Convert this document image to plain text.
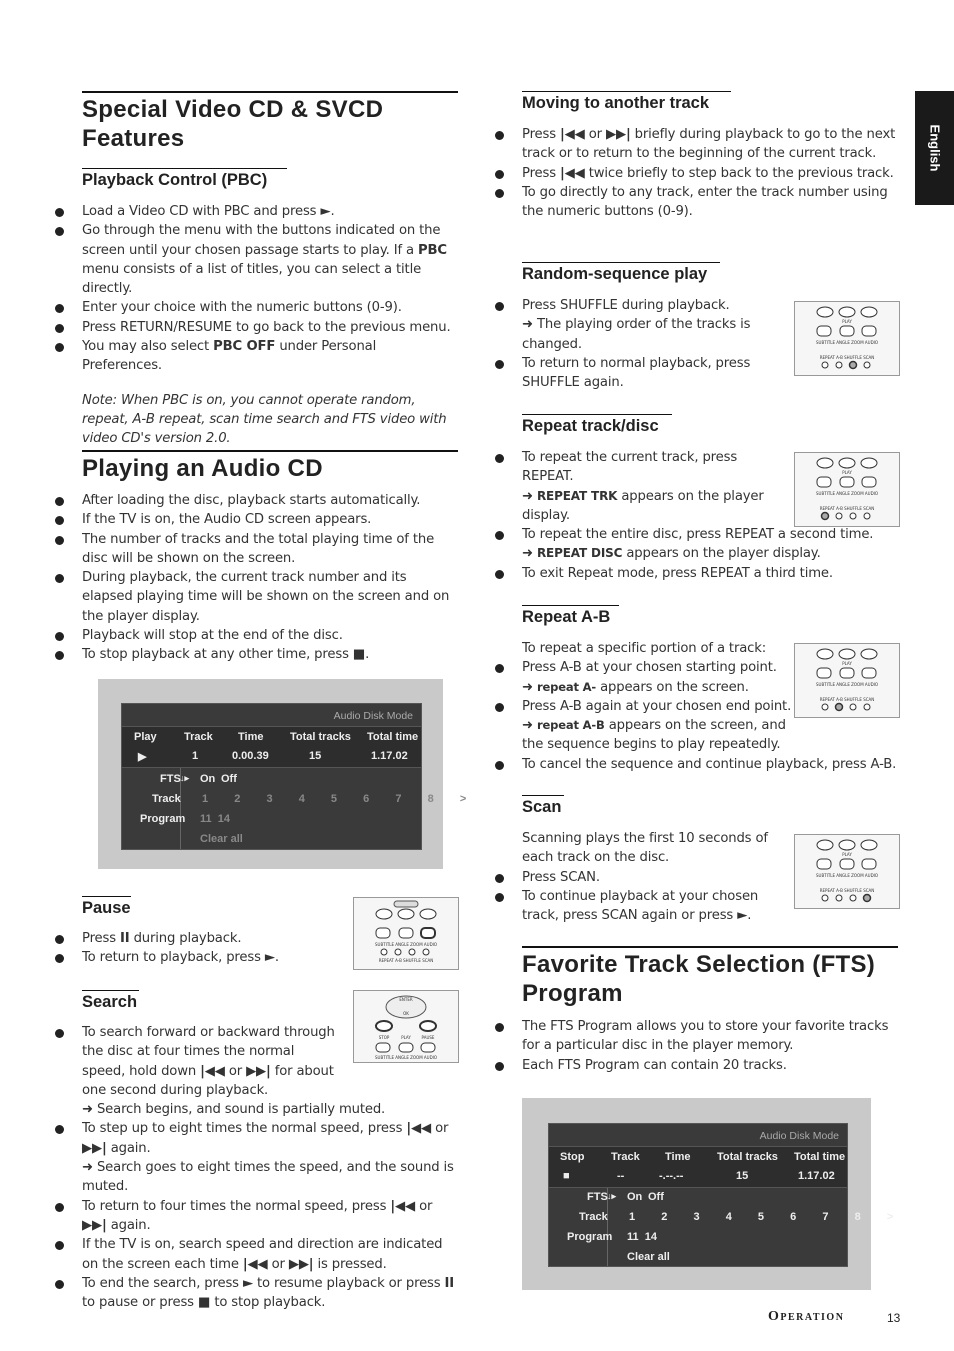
English
Special Video CD & SVCD
Features
Playback Control (PBC)
Load a Video CD with PBC and press ►.
Go through the menu with the buttons indicated on the screen until your chosen passage starts to play. If a PBC menu consists of a list of titles, you can select a title directly.
Enter your choice with the numeric buttons (0-9).
Press RETURN/RESUME to go back to the previous menu.
You may also select PBC OFF under Personal Preferences.
Note: When PBC is on, you cannot operate random, repeat, A-B repeat, scan time search and FTS video with video CD's version 2.0.
Playing an Audio CD
After loading the disc, playback starts automatically.
If the TV is on, the Audio CD screen appears.
The number of tracks and the total playing time of the disc will be shown on the screen.
During playback, the current track number and its elapsed playing time will be shown on the screen and on the player display.
Playback will stop at the end of the disc.
To stop playback at any other time, press ■.
Audio Disk Mode
Play Track Time Total tracks Total time
▶	1	0.00.39	15	1.17.02
FTS ↓▸ On Off
Track 1  2  3  4  5  6  7  8  >
Program 11  14
Clear all
Pause
Press II during playback.
To return to playback, press ►.
Search
To search forward or backward through the disc at four times the normal speed, hold down |◀◀ or ▶▶| for about one second during playback.
➜ Search begins, and sound is partially muted.
To step up to eight times the normal speed, press |◀◀ or ▶▶| again.
➜ Search goes to eight times the speed, and the sound is muted.
To return to four times the normal speed, press |◀◀ or ▶▶| again.
If the TV is on, search speed and direction are indicated on the screen each time |◀◀ or ▶▶| is pressed.
To end the search, press ► to resume playback or press II to pause or press ■ to stop playback.
SUBTITLE ANGLE ZOOM AUDIO
REPEAT A-B SHUFFLE SCAN
ENTER
OK
STOP	PLAY	PAUSE
SUBTITLE ANGLE ZOOM AUDIO
Moving to another track
Press |◀◀ or ▶▶| briefly during playback to go to the next track or to return to the beginning of the current track.
Press |◀◀ twice briefly to step back to the previous track.
To go directly to any track, enter the track number using the numeric buttons (0-9).
Random-sequence play
Press SHUFFLE during playback.
➜ The playing order of the tracks is changed.
To return to normal playback, press SHUFFLE again.
Repeat track/disc
To repeat the current track, press REPEAT.
➜ REPEAT TRK appears on the player display.
To repeat the entire disc, press REPEAT a second time.
➜ REPEAT DISC appears on the player display.
To exit Repeat mode, press REPEAT a third time.
Repeat A-B
To repeat a specific portion of a track:
Press A-B at your chosen starting point.
➜ repeat A- appears on the screen.
Press A-B again at your chosen end point.
➜ repeat A-B appears on the screen, and the sequence begins to play repeatedly.
To cancel the sequence and continue playback, press A-B.
Scan
Scanning plays the first 10 seconds of each track on the disc.
Press SCAN.
To continue playback at your chosen track, press SCAN again or press ►.
PLAY
SUBTITLE ANGLE ZOOM AUDIO
REPEAT A-B SHUFFLE SCAN
PLAY
SUBTITLE ANGLE ZOOM AUDIO
REPEAT A-B SHUFFLE SCAN
PLAY
SUBTITLE ANGLE ZOOM AUDIO
REPEAT A-B SHUFFLE SCAN
PLAY
SUBTITLE ANGLE ZOOM AUDIO
REPEAT A-B SHUFFLE SCAN
Favorite Track Selection (FTS)
Program
The FTS Program allows you to store your favorite tracks for a particular disc in the player memory.
Each FTS Program can contain 20 tracks.
Audio Disk Mode
Stop Track Time Total tracks Total time
■	--	-.--.--	15	1.17.02
FTS ↓▸ On Off
Track 1  2  3  4  5  6  7  8  >
Program 11  14
Clear all
Operation	13
